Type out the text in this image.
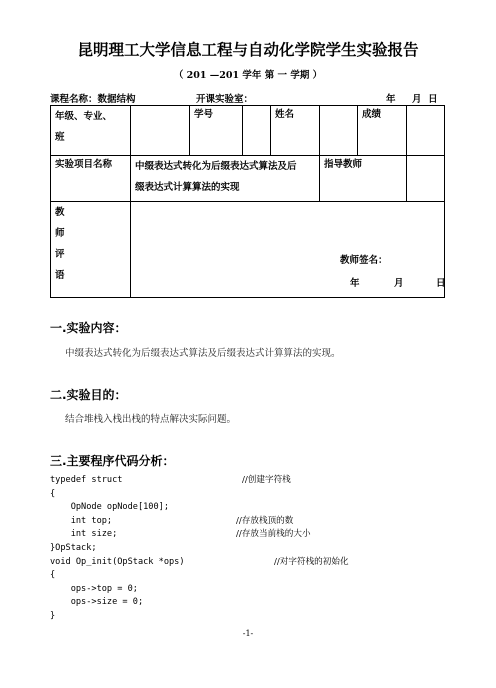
昆明理工大学信息工程与自动化学院学生实验报告
（ 201 —201 学年 第 一 学期 ）
课程名称：数据结构	开课实验室：	年     月  日
年级、专业、
班		学号		姓名		成绩	
实验项目名称	中缀表达式转化为后缀表达式算法及后
缀表达式计算算法的实现				指导教师		

教
师
评
语	教师签名：
年 月 日						
一.实验内容：
中缀表达式转化为后缀表达式算法及后缀表达式计算算法的实现。
二.实验目的：
结合堆栈入栈出栈的特点解决实际问题。
三.主要程序代码分析：
typedef struct	//创建字符栈
{
OpNode opNode[100];
int top;	//存放栈顶的数
int size;	//存放当前栈的大小
}OpStack;
void Op_init(OpStack *ops)	//对字符栈的初始化
{
ops->top = 0;
ops->size = 0;
}
-1-
